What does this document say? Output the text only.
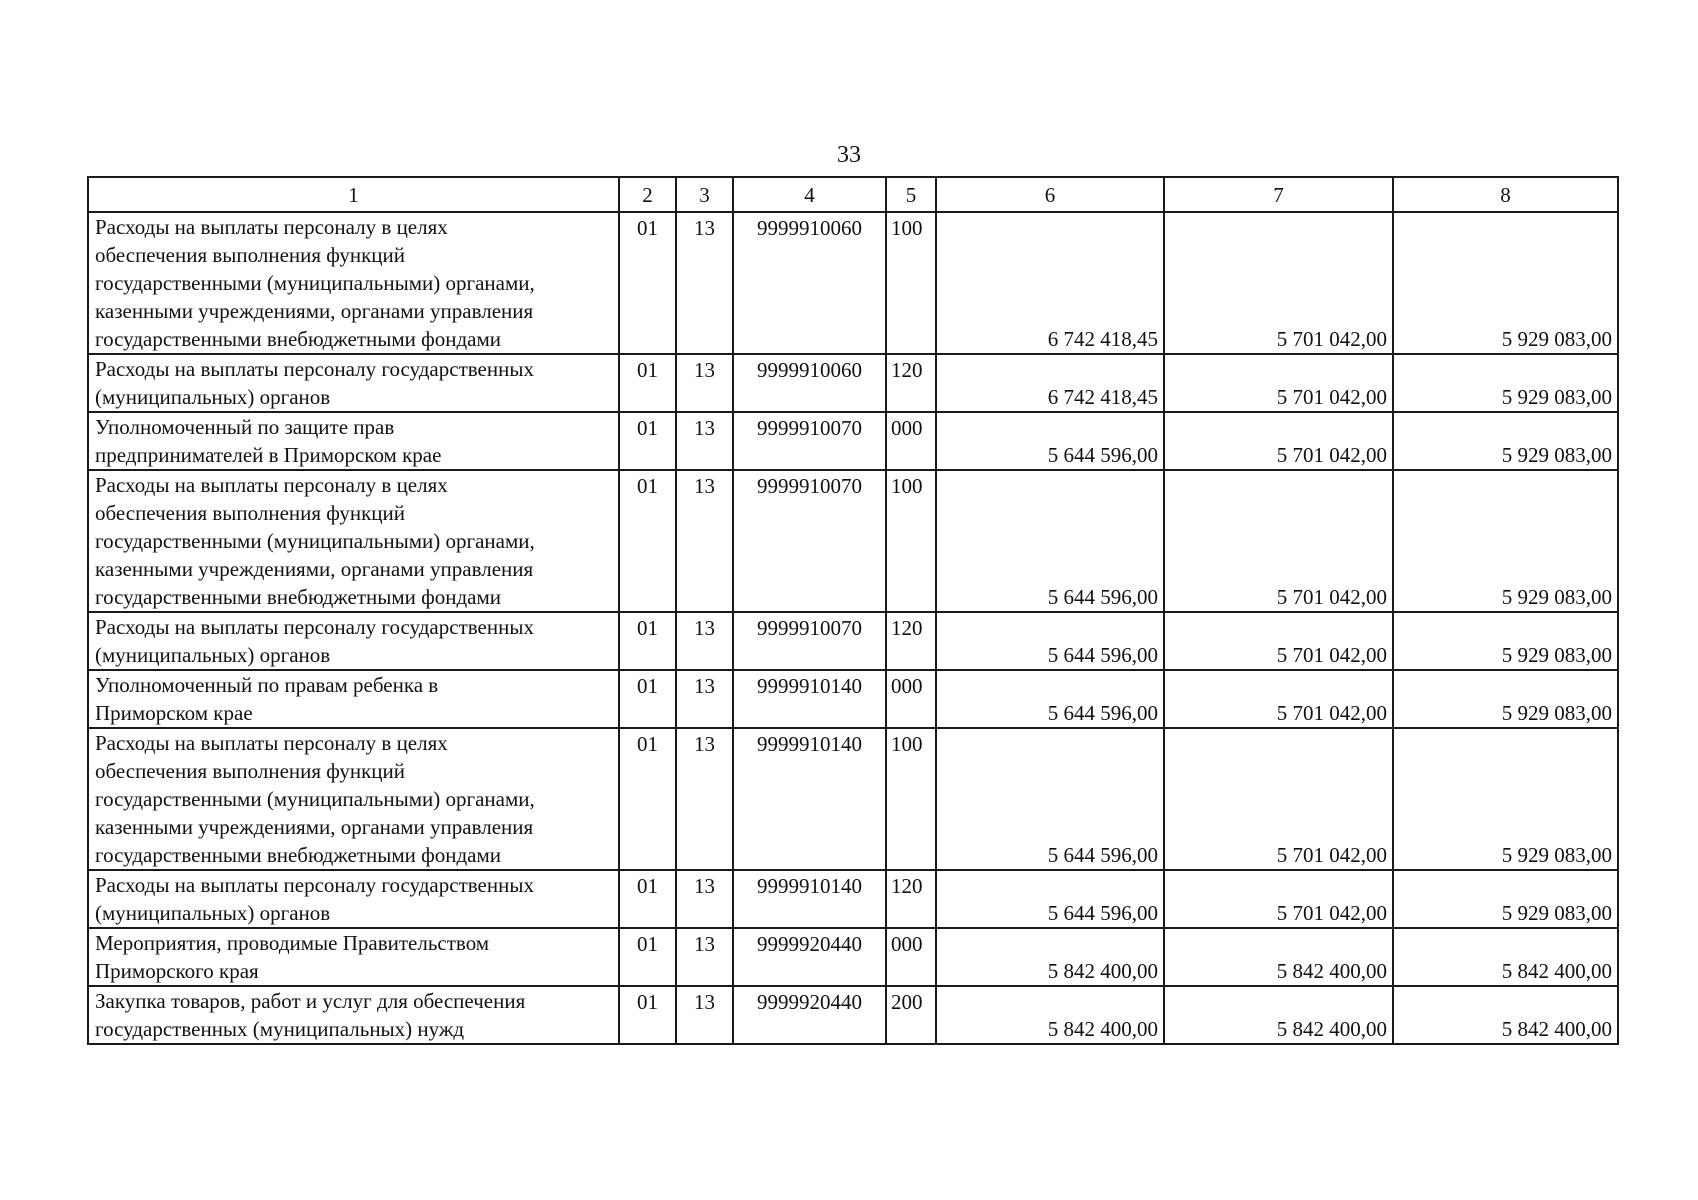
33
1	2	3	4	5	6	7	8

Расходы на выплаты персоналу в целях
обеспечения выполнения функций
государственными (муниципальными) органами,
казенными учреждениями, органами управления
государственными внебюджетными фондами	01	13	9999910060	100	6 742 418,45	5 701 042,00	5 929 083,00

Расходы на выплаты персоналу государственных
(муниципальных) органов	01	13	9999910060	120	6 742 418,45	5 701 042,00	5 929 083,00

Уполномоченный по защите прав
предпринимателей в Приморском крае	01	13	9999910070	000	5 644 596,00	5 701 042,00	5 929 083,00

Расходы на выплаты персоналу в целях
обеспечения выполнения функций
государственными (муниципальными) органами,
казенными учреждениями, органами управления
государственными внебюджетными фондами	01	13	9999910070	100	5 644 596,00	5 701 042,00	5 929 083,00

Расходы на выплаты персоналу государственных
(муниципальных) органов	01	13	9999910070	120	5 644 596,00	5 701 042,00	5 929 083,00

Уполномоченный по правам ребенка в
Приморском крае	01	13	9999910140	000	5 644 596,00	5 701 042,00	5 929 083,00

Расходы на выплаты персоналу в целях
обеспечения выполнения функций
государственными (муниципальными) органами,
казенными учреждениями, органами управления
государственными внебюджетными фондами	01	13	9999910140	100	5 644 596,00	5 701 042,00	5 929 083,00

Расходы на выплаты персоналу государственных
(муниципальных) органов	01	13	9999910140	120	5 644 596,00	5 701 042,00	5 929 083,00

Мероприятия, проводимые Правительством
Приморского края	01	13	9999920440	000	5 842 400,00	5 842 400,00	5 842 400,00

Закупка товаров, работ и услуг для обеспечения
государственных (муниципальных) нужд	01	13	9999920440	200	5 842 400,00	5 842 400,00	5 842 400,00
